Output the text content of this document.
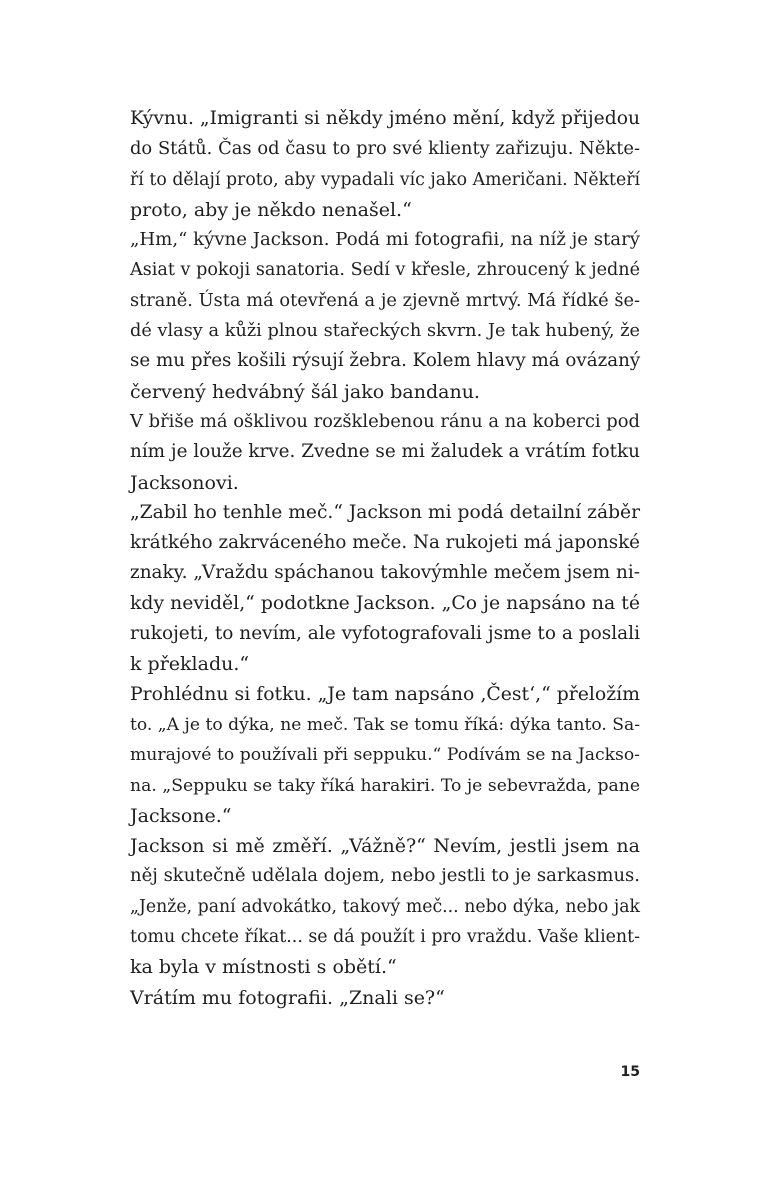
Kývnu. „Imigranti si někdy jméno mění, když přijedou
do Států. Čas od času to pro své klienty zařizuju. Někte-
ří to dělají proto, aby vypadali víc jako Američani. Někteří
proto, aby je někdo nenašel.“
„Hm,“ kývne Jackson. Podá mi fotografii, na níž je starý
Asiat v pokoji sanatoria. Sedí v křesle, zhroucený k jedné
straně. Ústa má otevřená a je zjevně mrtvý. Má řídké še-
dé vlasy a kůži plnou stařeckých skvrn. Je tak hubený, že
se mu přes košili rýsují žebra. Kolem hlavy má ovázaný
červený hedvábný šál jako bandanu.
V břiše má ošklivou rozšklebenou ránu a na koberci pod
ním je louže krve. Zvedne se mi žaludek a vrátím fotku
Jacksonovi.
„Zabil ho tenhle meč.“ Jackson mi podá detailní záběr
krátkého zakrváceného meče. Na rukojeti má japonské
znaky. „Vraždu spáchanou takovýmhle mečem jsem ni-
kdy neviděl,“ podotkne Jackson. „Co je napsáno na té
rukojeti, to nevím, ale vyfotografovali jsme to a poslali
k překladu.“
Prohlédnu si fotku. „Je tam napsáno ‚Čest‘,“ přeložím
to. „A je to dýka, ne meč. Tak se tomu říká: dýka tanto. Sa-
murajové to používali při seppuku.“ Podívám se na Jackso-
na. „Seppuku se taky říká harakiri. To je sebevražda, pane
Jacksone.“
Jackson si mě změří. „Vážně?“ Nevím, jestli jsem na
něj skutečně udělala dojem, nebo jestli to je sarkasmus.
„Jenže, paní advokátko, takový meč... nebo dýka, nebo jak
tomu chcete říkat... se dá použít i pro vraždu. Vaše klient-
ka byla v místnosti s obětí.“
Vrátím mu fotografii. „Znali se?“
15
